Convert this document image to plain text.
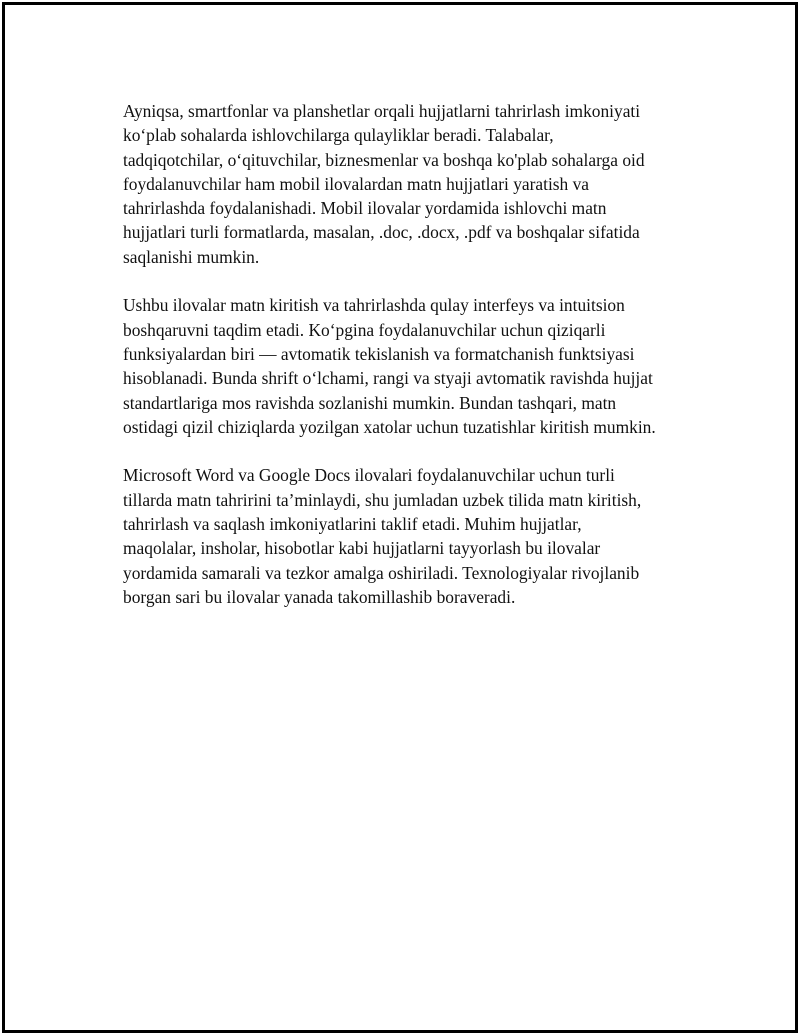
Ayniqsa, smartfonlar va planshetlar orqali hujjatlarni tahrirlash imkoniyati
ko‘plab sohalarda ishlovchilarga qulayliklar beradi. Talabalar,
tadqiqotchilar, o‘qituvchilar, biznesmenlar va boshqa ko'plab sohalarga oid
foydalanuvchilar ham mobil ilovalardan matn hujjatlari yaratish va
tahrirlashda foydalanishadi. Mobil ilovalar yordamida ishlovchi matn
hujjatlari turli formatlarda, masalan, .doc, .docx, .pdf va boshqalar sifatida
saqlanishi mumkin.

Ushbu ilovalar matn kiritish va tahrirlashda qulay interfeys va intuitsion
boshqaruvni taqdim etadi. Ko‘pgina foydalanuvchilar uchun qiziqarli
funksiyalardan biri — avtomatik tekislanish va formatchanish funktsiyasi
hisoblanadi. Bunda shrift o‘lchami, rangi va styaji avtomatik ravishda hujjat
standartlariga mos ravishda sozlanishi mumkin. Bundan tashqari, matn
ostidagi qizil chiziqlarda yozilgan xatolar uchun tuzatishlar kiritish mumkin.

Microsoft Word va Google Docs ilovalari foydalanuvchilar uchun turli
tillarda matn tahririni ta’minlaydi, shu jumladan uzbek tilida matn kiritish,
tahrirlash va saqlash imkoniyatlarini taklif etadi. Muhim hujjatlar,
maqolalar, insholar, hisobotlar kabi hujjatlarni tayyorlash bu ilovalar
yordamida samarali va tezkor amalga oshiriladi. Texnologiyalar rivojlanib
borgan sari bu ilovalar yanada takomillashib boraveradi.
